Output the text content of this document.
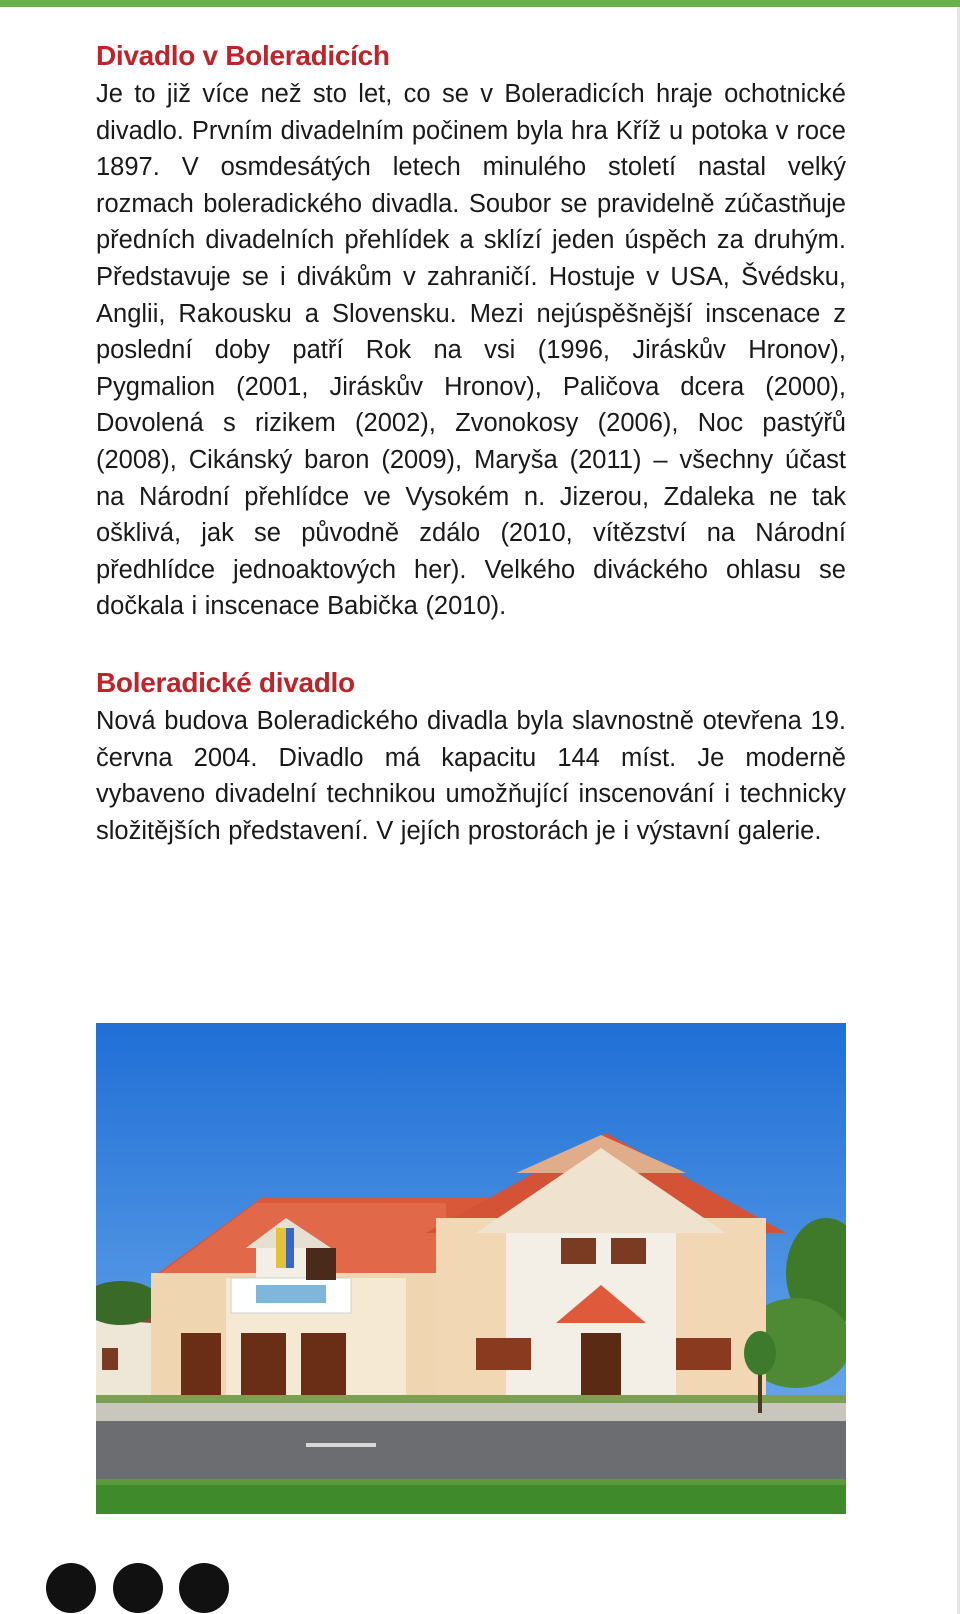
Divadlo v Boleradicích

Je to již více než sto let, co se v Boleradicích hraje ochotnické divadlo. Prvním divadelním počinem byla hra Kříž u potoka v roce 1897. V osmdesátých letech minulého století nastal velký rozmach boleradického divadla. Soubor se pravidelně zúčastňuje předních divadelních přehlídek a sklízí jeden úspěch za druhým. Představuje se i divákům v zahraničí. Hostuje v USA, Švédsku, Anglii, Rakousku a Slovensku. Mezi nejúspěšnější inscenace z poslední doby patří Rok na vsi (1996, Jiráskův Hronov), Pygmalion (2001, Jiráskův Hronov), Paličova dcera (2000), Dovolená s rizikem (2002), Zvonokosy (2006), Noc pastýřů (2008), Cikánský baron (2009), Maryša (2011) – všechny účast na Národní přehlídce ve Vysokém n. Jizerou, Zdaleka ne tak ošklivá, jak se původně zdálo (2010, vítězství na Národní předhlídce jednoaktových her). Velkého diváckého ohlasu se dočkala i inscenace Babička (2010).

Boleradické divadlo

Nová budova Boleradického divadla byla slavnostně otevřena 19. června 2004. Divadlo má kapacitu 144 míst. Je moderně vybaveno divadelní technikou umožňující inscenování i technicky složitějších představení. V jejích prostorách je i výstavní galerie.
